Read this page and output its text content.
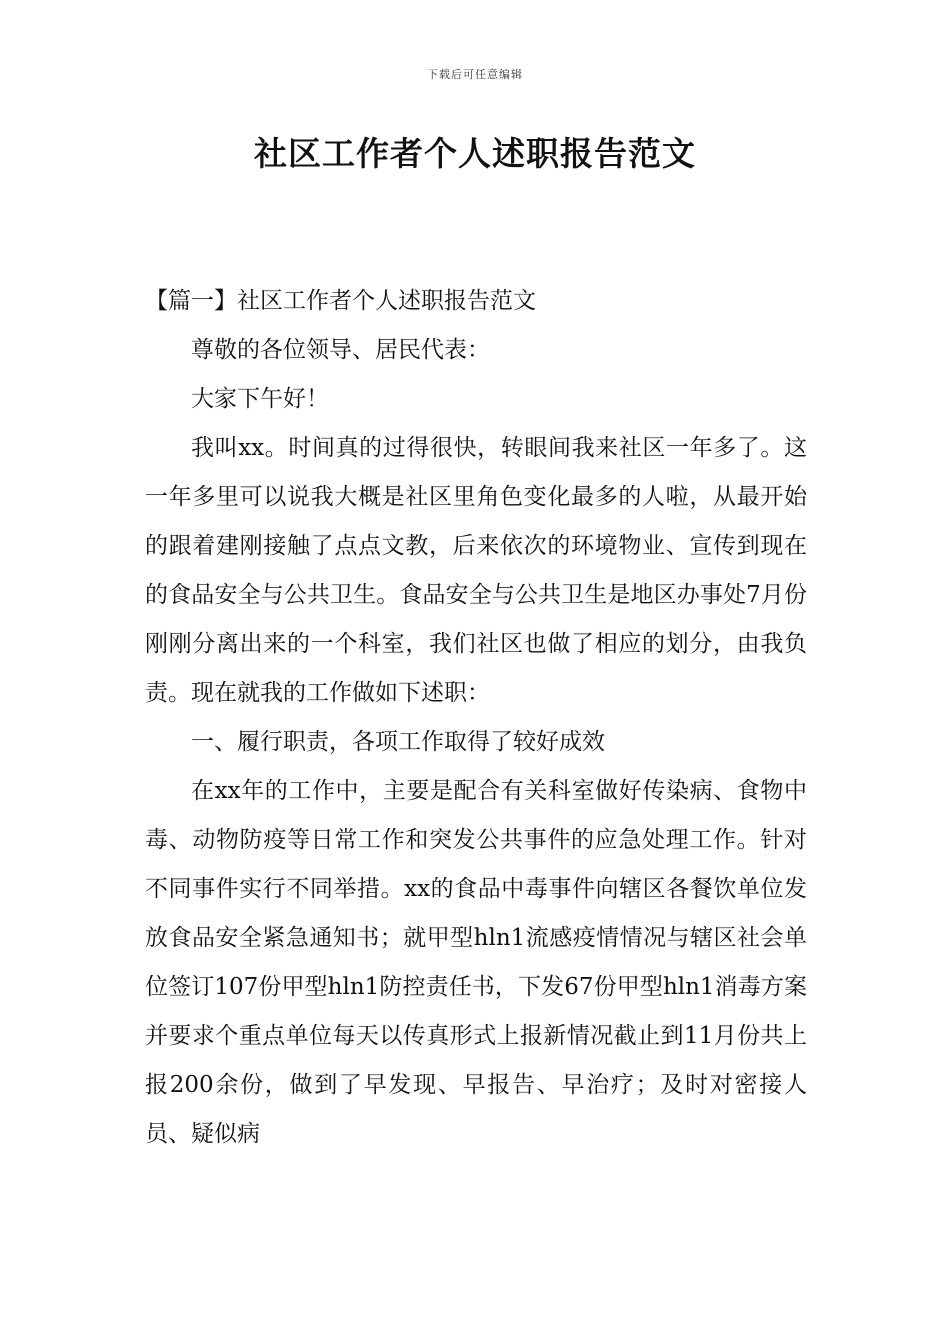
下载后可任意编辑
社区工作者个人述职报告范文

【篇一】社区工作者个人述职报告范文

尊敬的各位领导、居民代表：

大家下午好！

我叫xx。时间真的过得很快，转眼间我来社区一年多了。这一年多里可以说我大概是社区里角色变化最多的人啦，从最开始的跟着建刚接触了点点文教，后来依次的环境物业、宣传到现在的食品安全与公共卫生。食品安全与公共卫生是地区办事处7月份刚刚分离出来的一个科室，我们社区也做了相应的划分，由我负责。现在就我的工作做如下述职：

一、履行职责，各项工作取得了较好成效

在xx年的工作中，主要是配合有关科室做好传染病、食物中毒、动物防疫等日常工作和突发公共事件的应急处理工作。针对不同事件实行不同举措。xx的食品中毒事件向辖区各餐饮单位发放食品安全紧急通知书；就甲型hln1流感疫情情况与辖区社会单位签订107份甲型hln1防控责任书，下发67份甲型hln1消毒方案并要求个重点单位每天以传真形式上报新情况截止到11月份共上报200余份，做到了早发现、早报告、早治疗；及时对密接人员、疑似病
